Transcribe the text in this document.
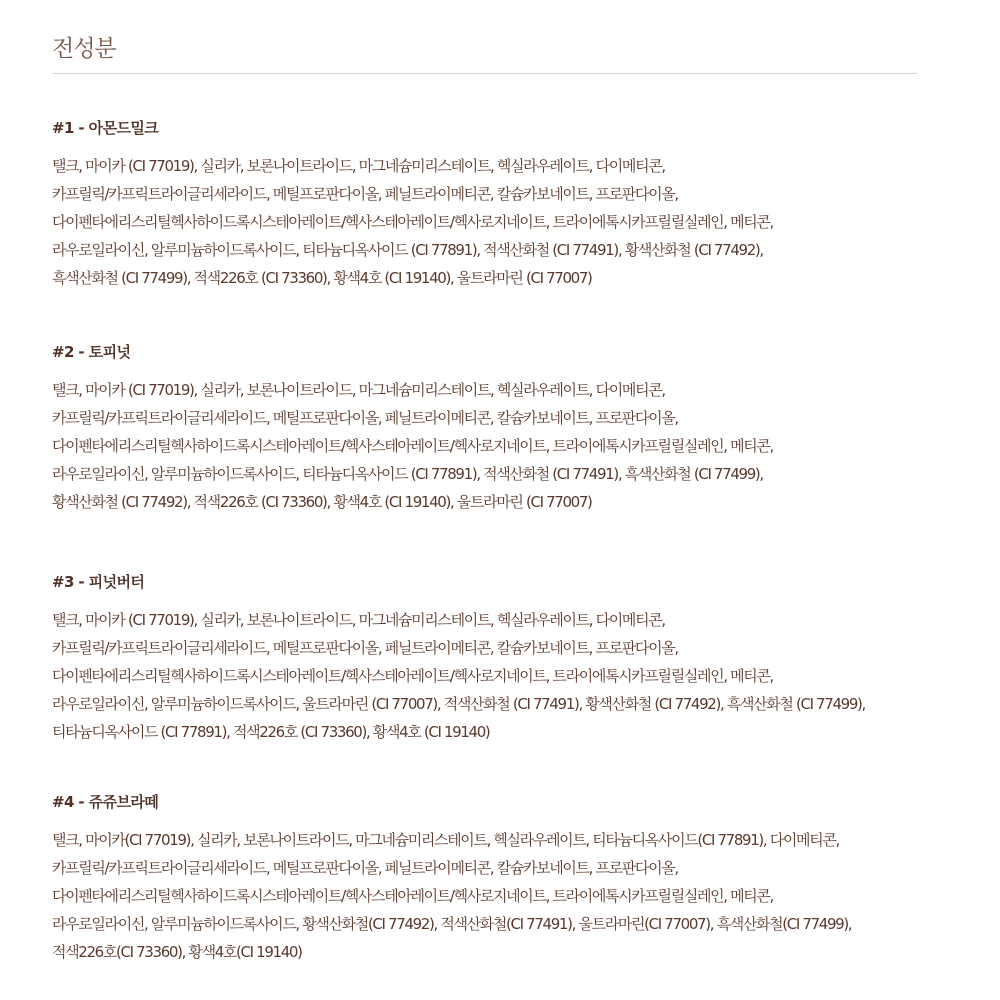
전성분
#1 - 아몬드밀크
탤크, 마이카 (CI 77019), 실리카, 보론나이트라이드, 마그네슘미리스테이트, 헥실라우레이트, 다이메티콘,
카프릴릭/카프릭트라이글리세라이드, 메틸프로판다이올, 페닐트라이메티콘, 칼슘카보네이트, 프로판다이올,
다이펜타에리스리틸헥사하이드록시스테아레이트/헥사스테아레이트/헥사로지네이트, 트라이에톡시카프릴릴실레인, 메티콘,
라우로일라이신, 알루미늄하이드록사이드, 티타늄디옥사이드 (CI 77891), 적색산화철 (CI 77491), 황색산화철 (CI 77492),
흑색산화철 (CI 77499), 적색226호 (CI 73360), 황색4호 (CI 19140), 울트라마린 (CI 77007)
#2 - 토피넛
탤크, 마이카 (CI 77019), 실리카, 보론나이트라이드, 마그네슘미리스테이트, 헥실라우레이트, 다이메티콘,
카프릴릭/카프릭트라이글리세라이드, 메틸프로판다이올, 페닐트라이메티콘, 칼슘카보네이트, 프로판다이올,
다이펜타에리스리틸헥사하이드록시스테아레이트/헥사스테아레이트/헥사로지네이트, 트라이에톡시카프릴릴실레인, 메티콘,
라우로일라이신, 알루미늄하이드록사이드, 티타늄디옥사이드 (CI 77891), 적색산화철 (CI 77491), 흑색산화철 (CI 77499),
황색산화철 (CI 77492), 적색226호 (CI 73360), 황색4호 (CI 19140), 울트라마린 (CI 77007)
#3 - 피넛버터
탤크, 마이카 (CI 77019), 실리카, 보론나이트라이드, 마그네슘미리스테이트, 헥실라우레이트, 다이메티콘,
카프릴릭/카프릭트라이글리세라이드, 메틸프로판다이올, 페닐트라이메티콘, 칼슘카보네이트, 프로판다이올,
다이펜타에리스리틸헥사하이드록시스테아레이트/헥사스테아레이트/헥사로지네이트, 트라이에톡시카프릴릴실레인, 메티콘,
라우로일라이신, 알루미늄하이드록사이드, 울트라마린 (CI 77007), 적색산화철 (CI 77491), 황색산화철 (CI 77492), 흑색산화철 (CI 77499),
티타늄디옥사이드 (CI 77891), 적색226호 (CI 73360), 황색4호 (CI 19140)
#4 - 쥬쥬브라떼
탤크, 마이카(CI 77019), 실리카, 보론나이트라이드, 마그네슘미리스테이트, 헥실라우레이트, 티타늄디옥사이드(CI 77891), 다이메티콘,
카프릴릭/카프릭트라이글리세라이드, 메틸프로판다이올, 페닐트라이메티콘, 칼슘카보네이트, 프로판다이올,
다이펜타에리스리틸헥사하이드록시스테아레이트/헥사스테아레이트/헥사로지네이트, 트라이에톡시카프릴릴실레인, 메티콘,
라우로일라이신, 알루미늄하이드록사이드, 황색산화철(CI 77492), 적색산화철(CI 77491), 울트라마린(CI 77007), 흑색산화철(CI 77499),
적색226호(CI 73360), 황색4호(CI 19140)
